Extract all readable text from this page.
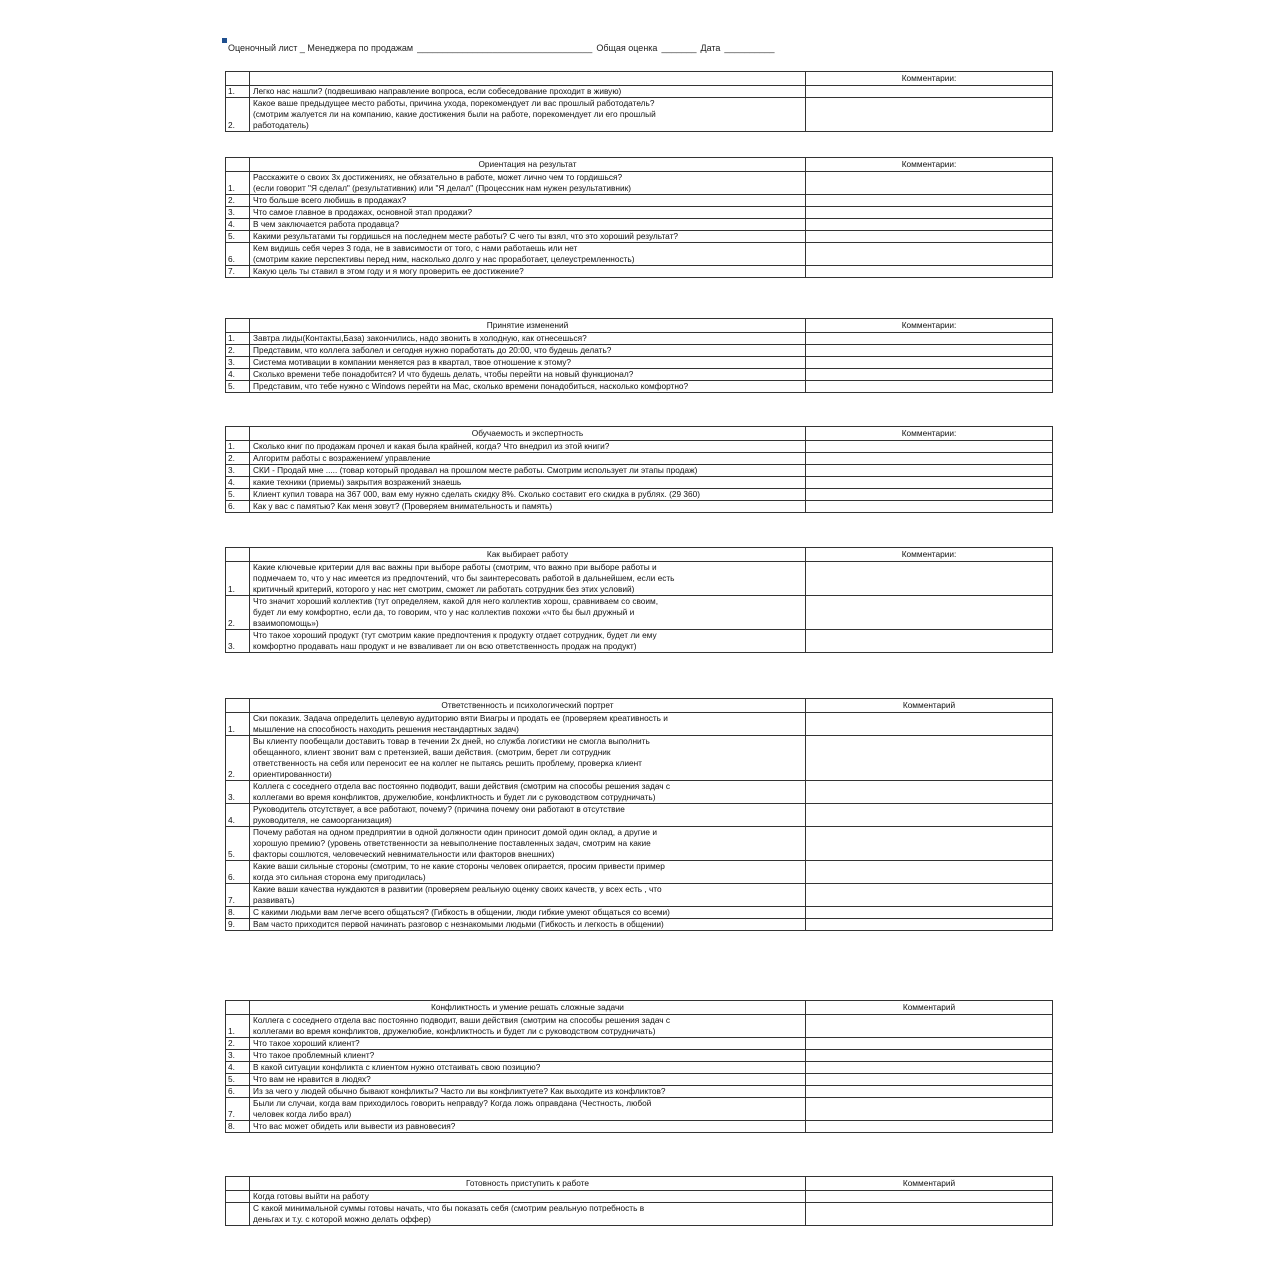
Оценочный лист _ Менеджера по продажам ___________________________________ Общая оценка _______ Дата __________
		Комментарии:
1.	Легко нас нашли? (подвешиваю направление вопроса, если собеседование проходит в живую)	

2.	Какое ваше предыдущее место работы, причина ухода, порекомендует ли вас прошлый работодатель?
(смотрим жалуется ли на компанию, какие достижения были на работе, порекомендует ли его прошлый
работодатель)	

	Ориентация на результат	Комментарии:
1.	Расскажите о своих 3х достижениях, не обязательно в работе, может лично чем то гордишься?
(если говорит "Я сделал" (результативник) или "Я делал" (Процессник нам нужен результативник)	

2.	Что больше всего любишь в продажах?	

3.	Что самое главное в продажах, основной этап продажи?	

4.	В чем заключается работа продавца?	

5.	Какими результатами ты гордишься на последнем месте работы? С чего ты взял, что это хороший результат?	

6.	Кем видишь себя через 3 года, не в зависимости от того, с нами работаешь или нет
(смотрим какие перспективы перед ним, насколько долго у нас проработает, целеустремленность)	

7.	Какую цель ты ставил в этом году и я могу проверить ее достижение?	

	Принятие изменений	Комментарии:
1.	Завтра лиды(Контакты,База) закончились, надо звонить в холодную, как отнесешься?	

2.	Представим, что коллега заболел и сегодня нужно поработать до 20:00, что будешь делать?	

3.	Система мотивации в компании меняется раз в квартал, твое отношение к этому?	

4.	Сколько времени тебе понадобится? И что будешь делать, чтобы перейти на новый функционал?	

5.	Представим, что тебе нужно с Windows перейти на Mac, сколько времени понадобиться, насколько комфортно?	

	Обучаемость и экспертность	Комментарии:
1.	Сколько книг по продажам прочел и какая была крайней, когда? Что внедрил из этой книги?	

2.	Алгоритм работы с возражением/ управление	

3.	СКИ - Продай мне ..... (товар который продавал на прошлом месте работы. Смотрим использует ли этапы продаж)	

4.	какие техники (приемы) закрытия возражений знаешь	

5.	Клиент купил товара на 367 000, вам ему нужно сделать скидку 8%. Сколько составит его скидка в рублях. (29 360)	

6.	Как у вас с памятью? Как меня зовут? (Проверяем внимательность и память)	

	Как выбирает работу	Комментарии:
1.	Какие ключевые критерии для вас важны при выборе работы (смотрим, что важно при выборе работы и
подмечаем то, что у нас имеется из предпочтений, что бы заинтересовать работой в дальнейшем, если есть
критичный критерий, которого у нас нет смотрим, сможет ли работать сотрудник без этих условий)	

2.	Что значит хороший коллектив (тут определяем, какой для него коллектив хорош, сравниваем со своим,
будет ли ему комфортно, если да, то говорим, что у нас коллектив похожи «что бы был дружный и
взаимопомощь»)	

3.	Что такое хороший продукт (тут смотрим какие предпочтения к продукту отдает сотрудник, будет ли ему
комфортно продавать наш продукт и не взваливает ли он всю ответственность продаж на продукт)	

	Ответственность и психологический портрет	Комментарий
1.	Ски показик. Задача определить целевую аудиторию вяти Виагры и продать ее (проверяем креативность и
мышление на способность находить решения нестандартных задач)	

2.	Вы клиенту пообещали доставить товар в течении 2х дней, но служба логистики не смогла выполнить
обещанного, клиент звонит вам с претензией, ваши действия. (смотрим, берет ли сотрудник
ответственность на себя или переносит ее на коллег не пытаясь решить проблему, проверка клиент
ориентированности)	

3.	Коллега с соседнего отдела вас постоянно подводит, ваши действия (смотрим на способы решения задач с
коллегами во время конфликтов, дружелюбие, конфликтность и будет ли с руководством сотрудничать)	

4.	Руководитель отсутствует, а все работают, почему? (причина почему они работают в отсутствие
руководителя, не самоорганизация)	

5.	Почему работая на одном предприятии в одной должности один приносит домой один оклад, а другие и
хорошую премию? (уровень ответственности за невыполнение поставленных задач, смотрим на какие
факторы сошлются, человеческий невнимательности или факторов внешних)	

6.	Какие ваши сильные стороны (смотрим, то не какие стороны человек опирается, просим привести пример
когда это сильная сторона ему пригодилась)	

7.	Какие ваши качества нуждаются в развитии (проверяем реальную оценку своих качеств, у всех есть , что
развивать)	

8.	С какими людьми вам легче всего общаться? (Гибкость в общении, люди гибкие умеют общаться со всеми)	

9.	Вам часто приходится первой начинать разговор с незнакомыми людьми (Гибкость и легкость в общении)	

	Конфликтность и умение решать сложные задачи	Комментарий
1.	Коллега с соседнего отдела вас постоянно подводит, ваши действия (смотрим на способы решения задач с
коллегами во время конфликтов, дружелюбие, конфликтность и будет ли с руководством сотрудничать)	

2.	Что такое хороший клиент?	

3.	Что такое проблемный клиент?	

4.	В какой ситуации конфликта с клиентом нужно отстаивать свою позицию?	

5.	Что вам не нравится в людях?	

6.	Из за чего у людей обычно бывают конфликты? Часто ли вы конфликтуете? Как выходите из конфликтов?	

7.	Были ли случаи, когда вам приходилось говорить неправду? Когда ложь оправдана (Честность, любой
человек когда либо врал)	

8.	Что вас может обидеть или вывести из равновесия?	

	Готовность приступить к работе	Комментарий

	Когда готовы выйти на работу	

	С какой минимальной суммы готовы начать, что бы показать себя (смотрим реальную потребность в
деньгах и т.у. с которой можно делать оффер)	
